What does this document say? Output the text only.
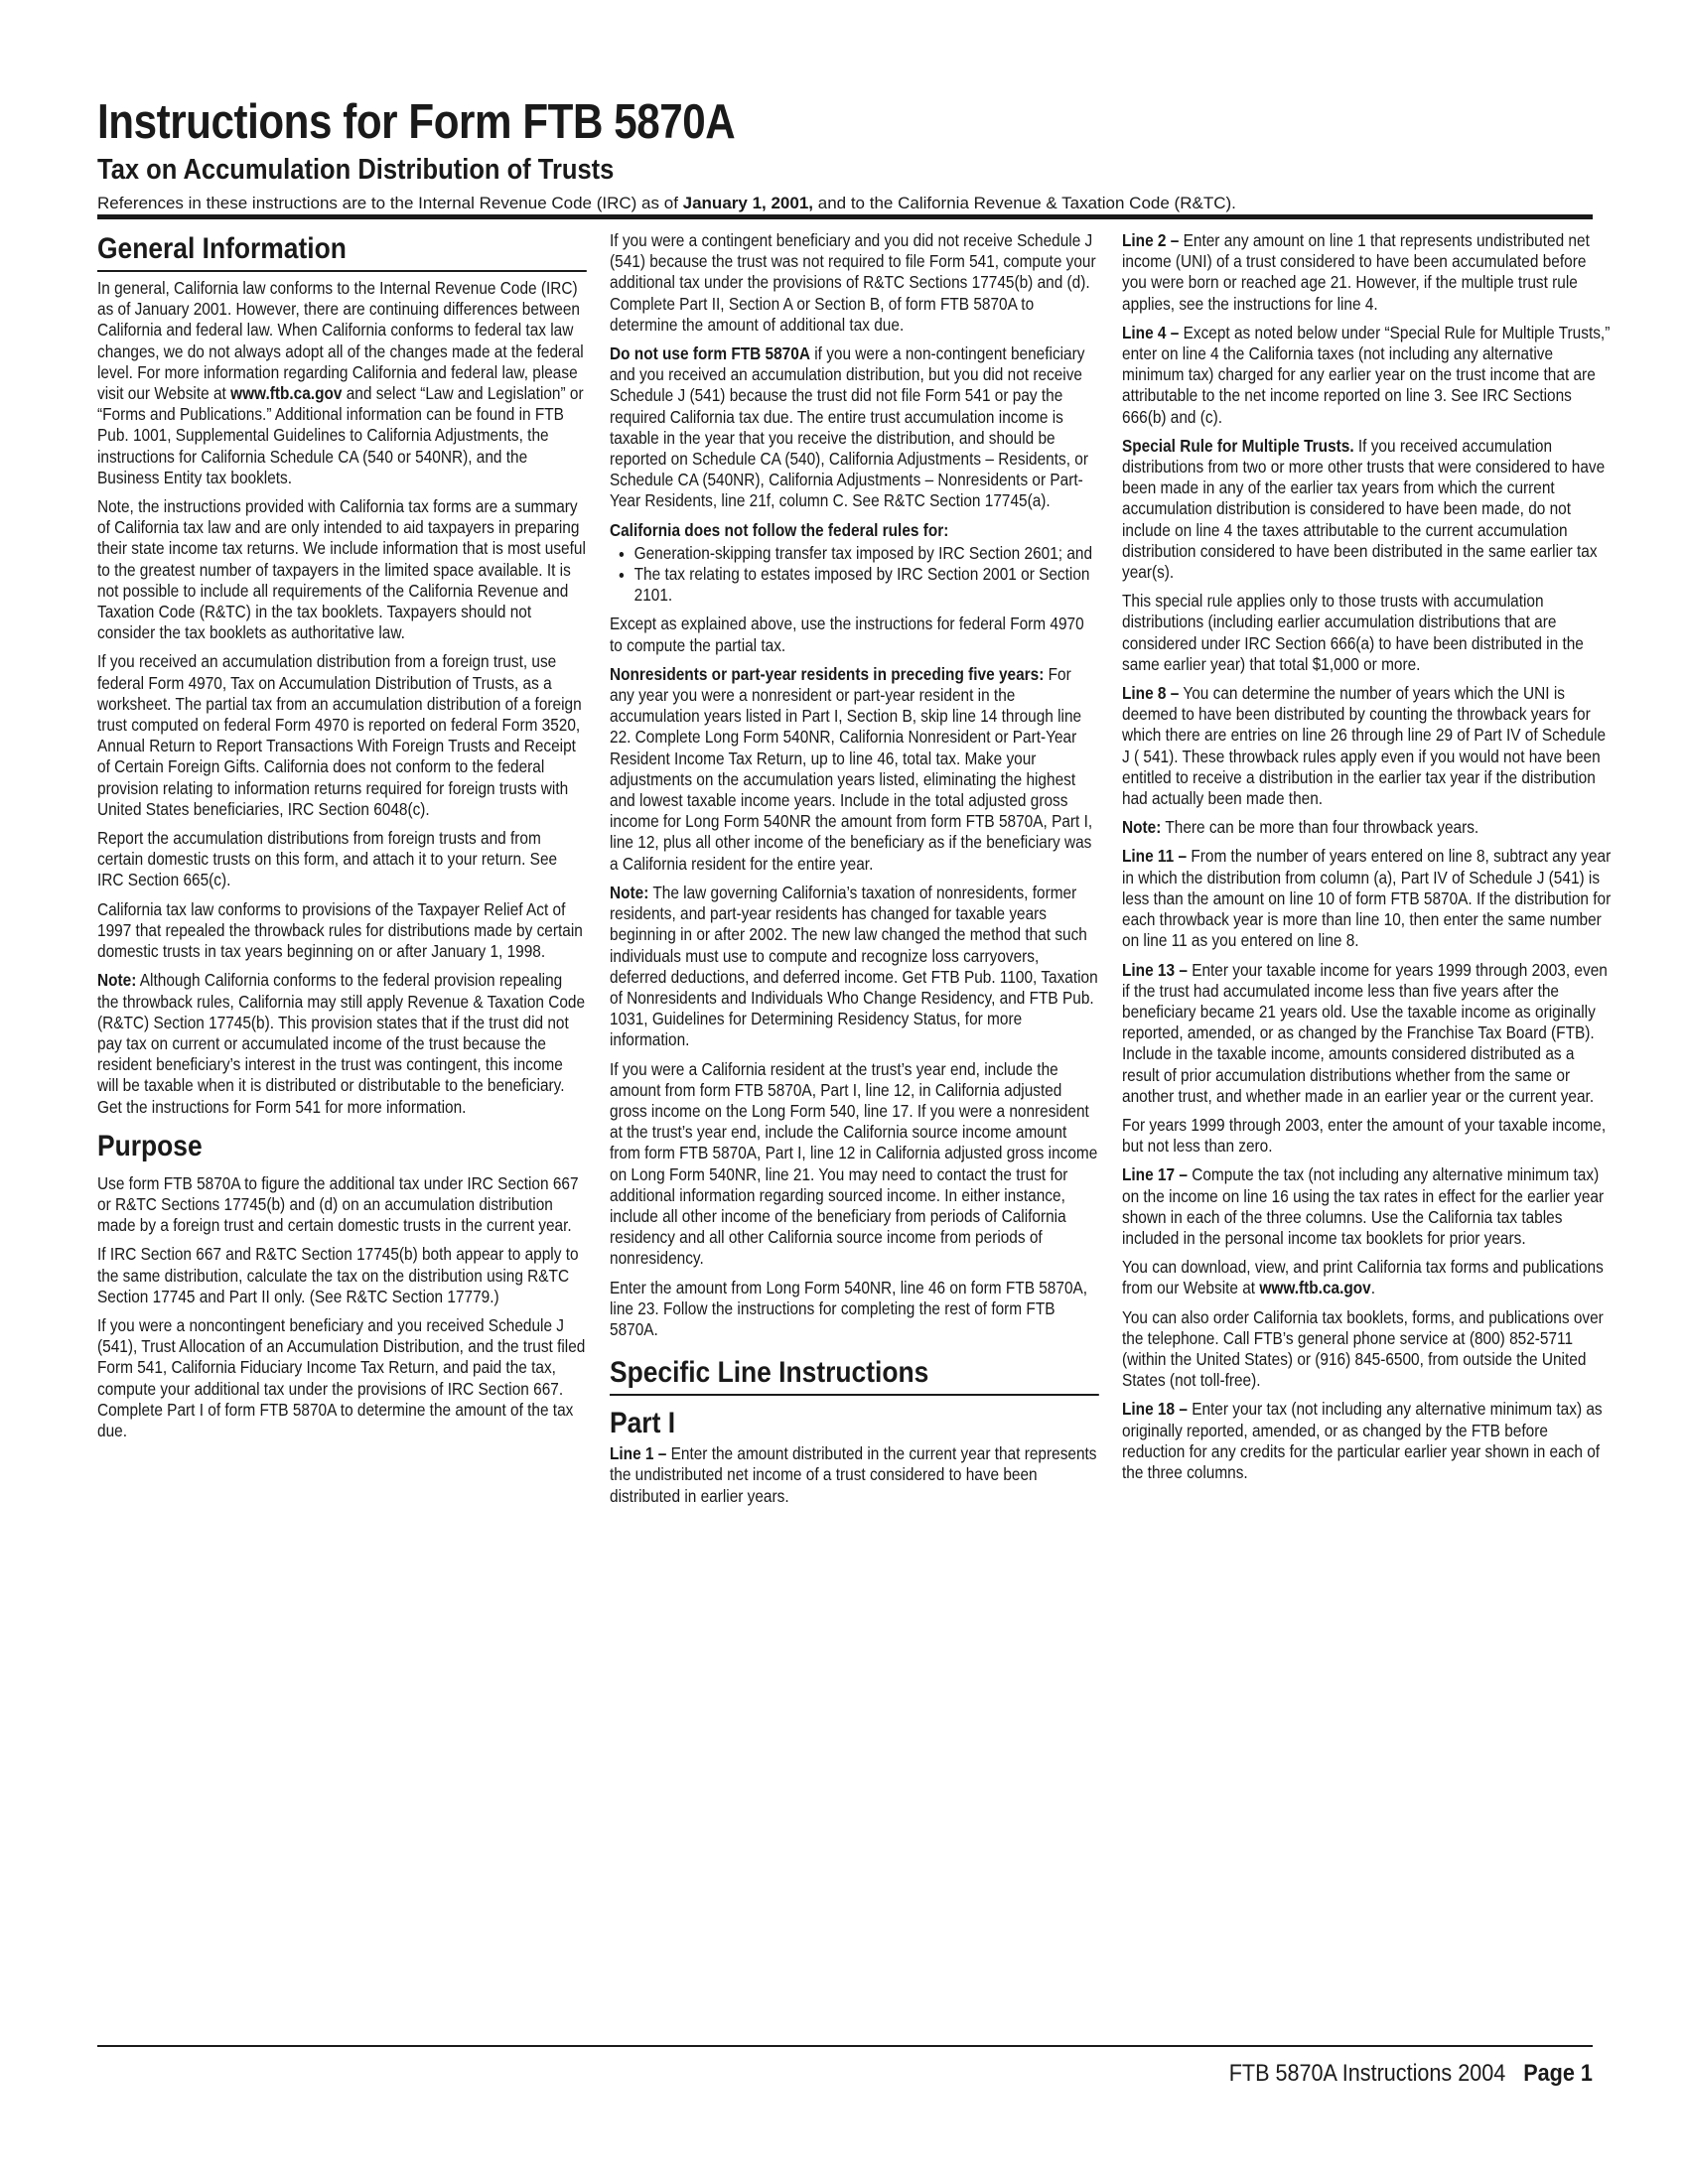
Instructions for Form FTB 5870A
Tax on Accumulation Distribution of Trusts
References in these instructions are to the Internal Revenue Code (IRC) as of January 1, 2001, and to the California Revenue & Taxation Code (R&TC).
General Information

In general, California law conforms to the Internal Revenue Code (IRC) as of January 2001. However, there are continuing differences between California and federal law. When California conforms to federal tax law changes, we do not always adopt all of the changes made at the federal level. For more information regarding California and federal law, please visit our Website at www.ftb.ca.gov and select “Law and Legislation” or “Forms and Publications.” Additional information can be found in FTB Pub. 1001, Supplemental Guidelines to California Adjustments, the instructions for California Schedule CA (540 or 540NR), and the Business Entity tax booklets.

Note, the instructions provided with California tax forms are a summary of California tax law and are only intended to aid taxpayers in preparing their state income tax returns. We include information that is most useful to the greatest number of taxpayers in the limited space available. It is not possible to include all requirements of the California Revenue and Taxation Code (R&TC) in the tax booklets. Taxpayers should not consider the tax booklets as authoritative law.

If you received an accumulation distribution from a foreign trust, use federal Form 4970, Tax on Accumulation Distribution of Trusts, as a worksheet. The partial tax from an accumulation distribution of a foreign trust computed on federal Form 4970 is reported on federal Form 3520, Annual Return to Report Transactions With Foreign Trusts and Receipt of Certain Foreign Gifts. California does not conform to the federal provision relating to information returns required for foreign trusts with United States beneficiaries, IRC Section 6048(c).

Report the accumulation distributions from foreign trusts and from certain domestic trusts on this form, and attach it to your return. See IRC Section 665(c).

California tax law conforms to provisions of the Taxpayer Relief Act of 1997 that repealed the throwback rules for distributions made by certain domestic trusts in tax years beginning on or after January 1, 1998.

Note: Although California conforms to the federal provision repealing the throwback rules, California may still apply Revenue & Taxation Code (R&TC) Section 17745(b). This provision states that if the trust did not pay tax on current or accumulated income of the trust because the resident beneficiary’s interest in the trust was contingent, this income will be taxable when it is distributed or distributable to the beneficiary. Get the instructions for Form 541 for more information.

Purpose

Use form FTB 5870A to figure the additional tax under IRC Section 667 or R&TC Sections 17745(b) and (d) on an accumulation distribution made by a foreign trust and certain domestic trusts in the current year.

If IRC Section 667 and R&TC Section 17745(b) both appear to apply to the same distribution, calculate the tax on the distribution using R&TC Section 17745 and Part II only. (See R&TC Section 17779.)

If you were a noncontingent beneficiary and you received Schedule J (541), Trust Allocation of an Accumulation Distribution, and the trust filed Form 541, California Fiduciary Income Tax Return, and paid the tax, compute your additional tax under the provisions of IRC Section 667. Complete Part I of form FTB 5870A to determine the amount of the tax due.

If you were a contingent beneficiary and you did not receive Schedule J (541) because the trust was not required to file Form 541, compute your additional tax under the provisions of R&TC Sections 17745(b) and (d). Complete Part II, Section A or Section B, of form FTB 5870A to determine the amount of additional tax due.

Do not use form FTB 5870A if you were a non-contingent beneficiary and you received an accumulation distribution, but you did not receive Schedule J (541) because the trust did not file Form 541 or pay the required California tax due. The entire trust accumulation income is taxable in the year that you receive the distribution, and should be reported on Schedule CA (540), California Adjustments – Residents, or Schedule CA (540NR), California Adjustments – Nonresidents or Part-Year Residents, line 21f, column C. See R&TC Section 17745(a).

California does not follow the federal rules for:

• Generation-skipping transfer tax imposed by IRC Section 2601; and
• The tax relating to estates imposed by IRC Section 2001 or Section 2101.

Except as explained above, use the instructions for federal Form 4970 to compute the partial tax.

Nonresidents or part-year residents in preceding five years: For any year you were a nonresident or part-year resident in the accumulation years listed in Part I, Section B, skip line 14 through line 22. Complete Long Form 540NR, California Nonresident or Part-Year Resident Income Tax Return, up to line 46, total tax. Make your adjustments on the accumulation years listed, eliminating the highest and lowest taxable income years. Include in the total adjusted gross income for Long Form 540NR the amount from form FTB 5870A, Part I, line 12, plus all other income of the beneficiary as if the beneficiary was a California resident for the entire year.

Note: The law governing California’s taxation of nonresidents, former residents, and part-year residents has changed for taxable years beginning in or after 2002. The new law changed the method that such individuals must use to compute and recognize loss carryovers, deferred deductions, and deferred income. Get FTB Pub. 1100, Taxation of Nonresidents and Individuals Who Change Residency, and FTB Pub. 1031, Guidelines for Determining Residency Status, for more information.

If you were a California resident at the trust’s year end, include the amount from form FTB 5870A, Part I, line 12, in California adjusted gross income on the Long Form 540, line 17. If you were a nonresident at the trust’s year end, include the California source income amount from form FTB 5870A, Part I, line 12 in California adjusted gross income on Long Form 540NR, line 21. You may need to contact the trust for additional information regarding sourced income. In either instance, include all other income of the beneficiary from periods of California residency and all other California source income from periods of nonresidency.

Enter the amount from Long Form 540NR, line 46 on form FTB 5870A, line 23. Follow the instructions for completing the rest of form FTB 5870A.

Specific Line Instructions
Part I

Line 1 – Enter the amount distributed in the current year that represents the undistributed net income of a trust considered to have been distributed in earlier years.

Line 2 – Enter any amount on line 1 that represents undistributed net income (UNI) of a trust considered to have been accumulated before you were born or reached age 21. However, if the multiple trust rule applies, see the instructions for line 4.

Line 4 – Except as noted below under “Special Rule for Multiple Trusts,” enter on line 4 the California taxes (not including any alternative minimum tax) charged for any earlier year on the trust income that are attributable to the net income reported on line 3. See IRC Sections 666(b) and (c).

Special Rule for Multiple Trusts. If you received accumulation distributions from two or more other trusts that were considered to have been made in any of the earlier tax years from which the current accumulation distribution is considered to have been made, do not include on line 4 the taxes attributable to the current accumulation distribution considered to have been distributed in the same earlier tax year(s).

This special rule applies only to those trusts with accumulation distributions (including earlier accumulation distributions that are considered under IRC Section 666(a) to have been distributed in the same earlier year) that total $1,000 or more.

Line 8 – You can determine the number of years which the UNI is deemed to have been distributed by counting the throwback years for which there are entries on line 26 through line 29 of Part IV of Schedule J ( 541). These throwback rules apply even if you would not have been entitled to receive a distribution in the earlier tax year if the distribution had actually been made then.

Note: There can be more than four throwback years.

Line 11 – From the number of years entered on line 8, subtract any year in which the distribution from column (a), Part IV of Schedule J (541) is less than the amount on line 10 of form FTB 5870A. If the distribution for each throwback year is more than line 10, then enter the same number on line 11 as you entered on line 8.

Line 13 – Enter your taxable income for years 1999 through 2003, even if the trust had accumulated income less than five years after the beneficiary became 21 years old. Use the taxable income as originally reported, amended, or as changed by the Franchise Tax Board (FTB). Include in the taxable income, amounts considered distributed as a result of prior accumulation distributions whether from the same or another trust, and whether made in an earlier year or the current year.

For years 1999 through 2003, enter the amount of your taxable income, but not less than zero.

Line 17 – Compute the tax (not including any alternative minimum tax) on the income on line 16 using the tax rates in effect for the earlier year shown in each of the three columns. Use the California tax tables included in the personal income tax booklets for prior years.

You can download, view, and print California tax forms and publications from our Website at www.ftb.ca.gov.

You can also order California tax booklets, forms, and publications over the telephone. Call FTB’s general phone service at (800) 852-5711 (within the United States) or (916) 845-6500, from outside the United States (not toll-free).

Line 18 – Enter your tax (not including any alternative minimum tax) as originally reported, amended, or as changed by the FTB before reduction for any credits for the particular earlier year shown in each of the three columns.

FTB 5870A Instructions 2004 Page 1
